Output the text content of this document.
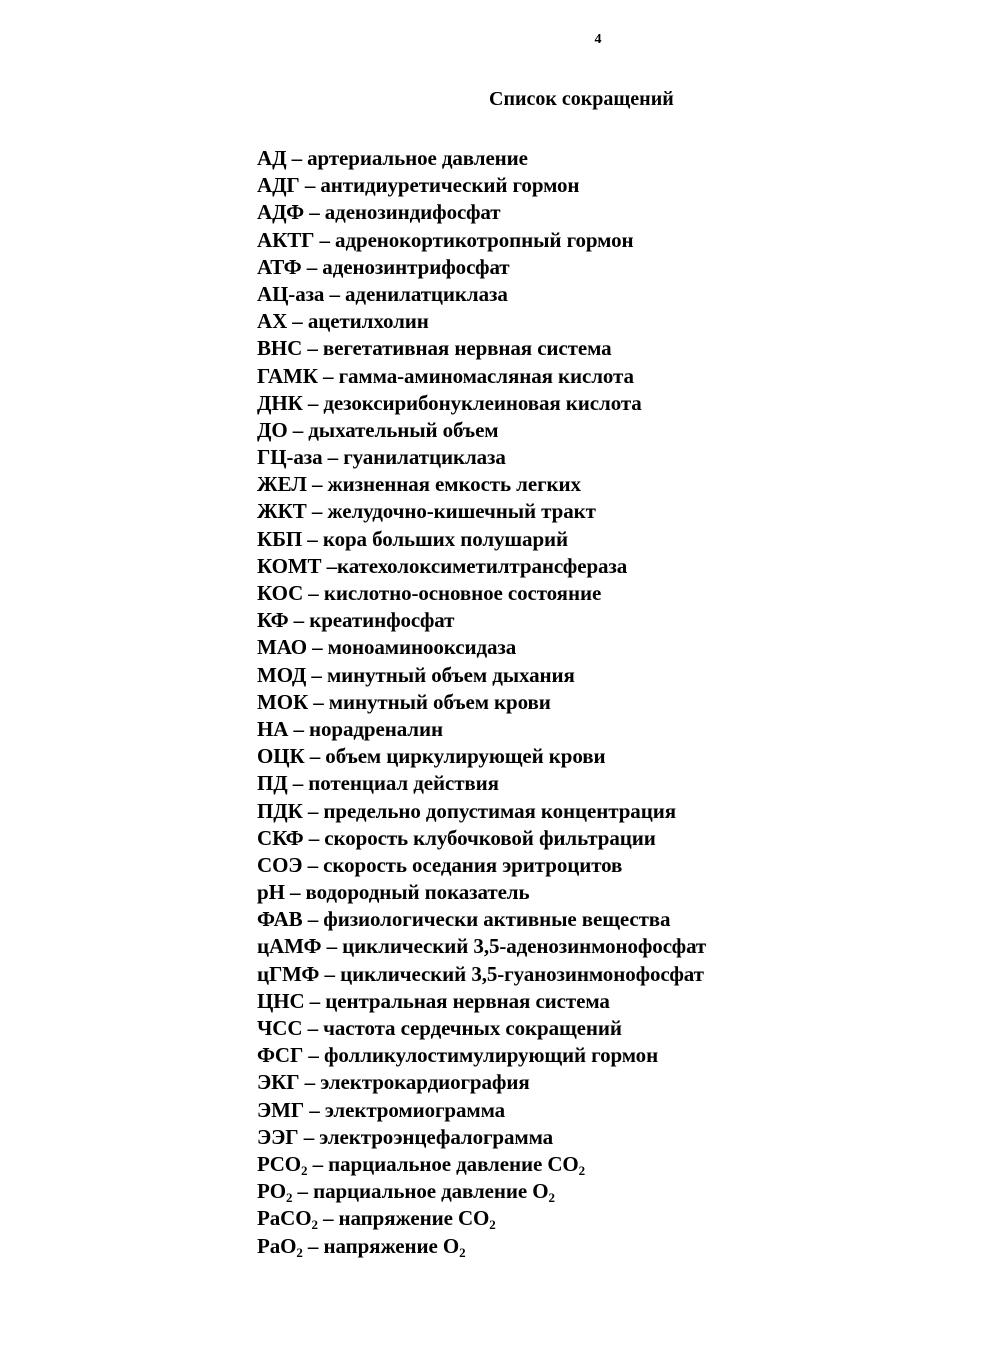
4
Список сокращений
АД – артериальное давление
АДГ – антидиуретический гормон
АДФ – аденозиндифосфат
АКТГ – адренокортикотропный гормон
АТФ – аденозинтрифосфат
АЦ-аза – аденилатциклаза
АХ – ацетилхолин
ВНС – вегетативная нервная система
ГАМК – гамма-аминомасляная кислота
ДНК – дезоксирибонуклеиновая кислота
ДО – дыхательный объем
ГЦ-аза – гуанилатциклаза
ЖЕЛ – жизненная емкость легких
ЖКТ – желудочно-кишечный тракт
КБП – кора больших полушарий
КОМТ –катехолоксиметилтрансфераза
КОС – кислотно-основное состояние
КФ – креатинфосфат
МАО – моноаминооксидаза
МОД – минутный объем дыхания
МОК – минутный объем крови
НА – норадреналин
ОЦК – объем циркулирующей крови
ПД – потенциал действия
ПДК – предельно допустимая концентрация
СКФ – скорость клубочковой фильтрации
СОЭ – скорость оседания эритроцитов
pH – водородный показатель
ФАВ – физиологически активные вещества
цАМФ – циклический 3,5-аденозинмонофосфат
цГМФ – циклический 3,5-гуанозинмонофосфат
ЦНС – центральная нервная система
ЧСС – частота сердечных сокращений
ФСГ – фолликулостимулирующий гормон
ЭКГ – электрокардиография
ЭМГ – электромиограмма
ЭЭГ – электроэнцефалограмма
$PCO_2$ – парциальное давление $CO_2$
$PO_2$ – парциальное давление $O_2$
PaCO$_2$ – напряжение $CO_2$
PaO$_2$ – напряжение $O_2$
